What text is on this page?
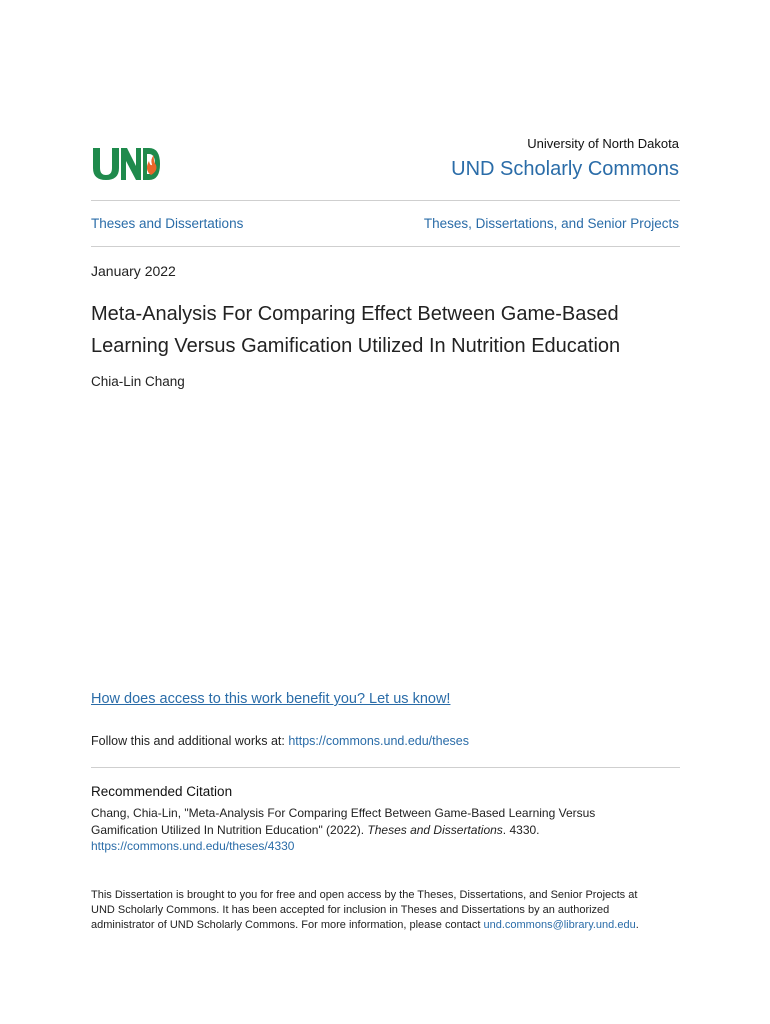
University of North Dakota
UND Scholarly Commons
Theses and Dissertations	Theses, Dissertations, and Senior Projects
January 2022
Meta-Analysis For Comparing Effect Between Game-Based
Learning Versus Gamification Utilized In Nutrition Education
Chia-Lin Chang
How does access to this work benefit you? Let us know!
Follow this and additional works at: https://commons.und.edu/theses
Recommended Citation
Chang, Chia-Lin, "Meta-Analysis For Comparing Effect Between Game-Based Learning Versus
Gamification Utilized In Nutrition Education" (2022). Theses and Dissertations. 4330.
https://commons.und.edu/theses/4330
This Dissertation is brought to you for free and open access by the Theses, Dissertations, and Senior Projects at
UND Scholarly Commons. It has been accepted for inclusion in Theses and Dissertations by an authorized
administrator of UND Scholarly Commons. For more information, please contact und.commons@library.und.edu.
